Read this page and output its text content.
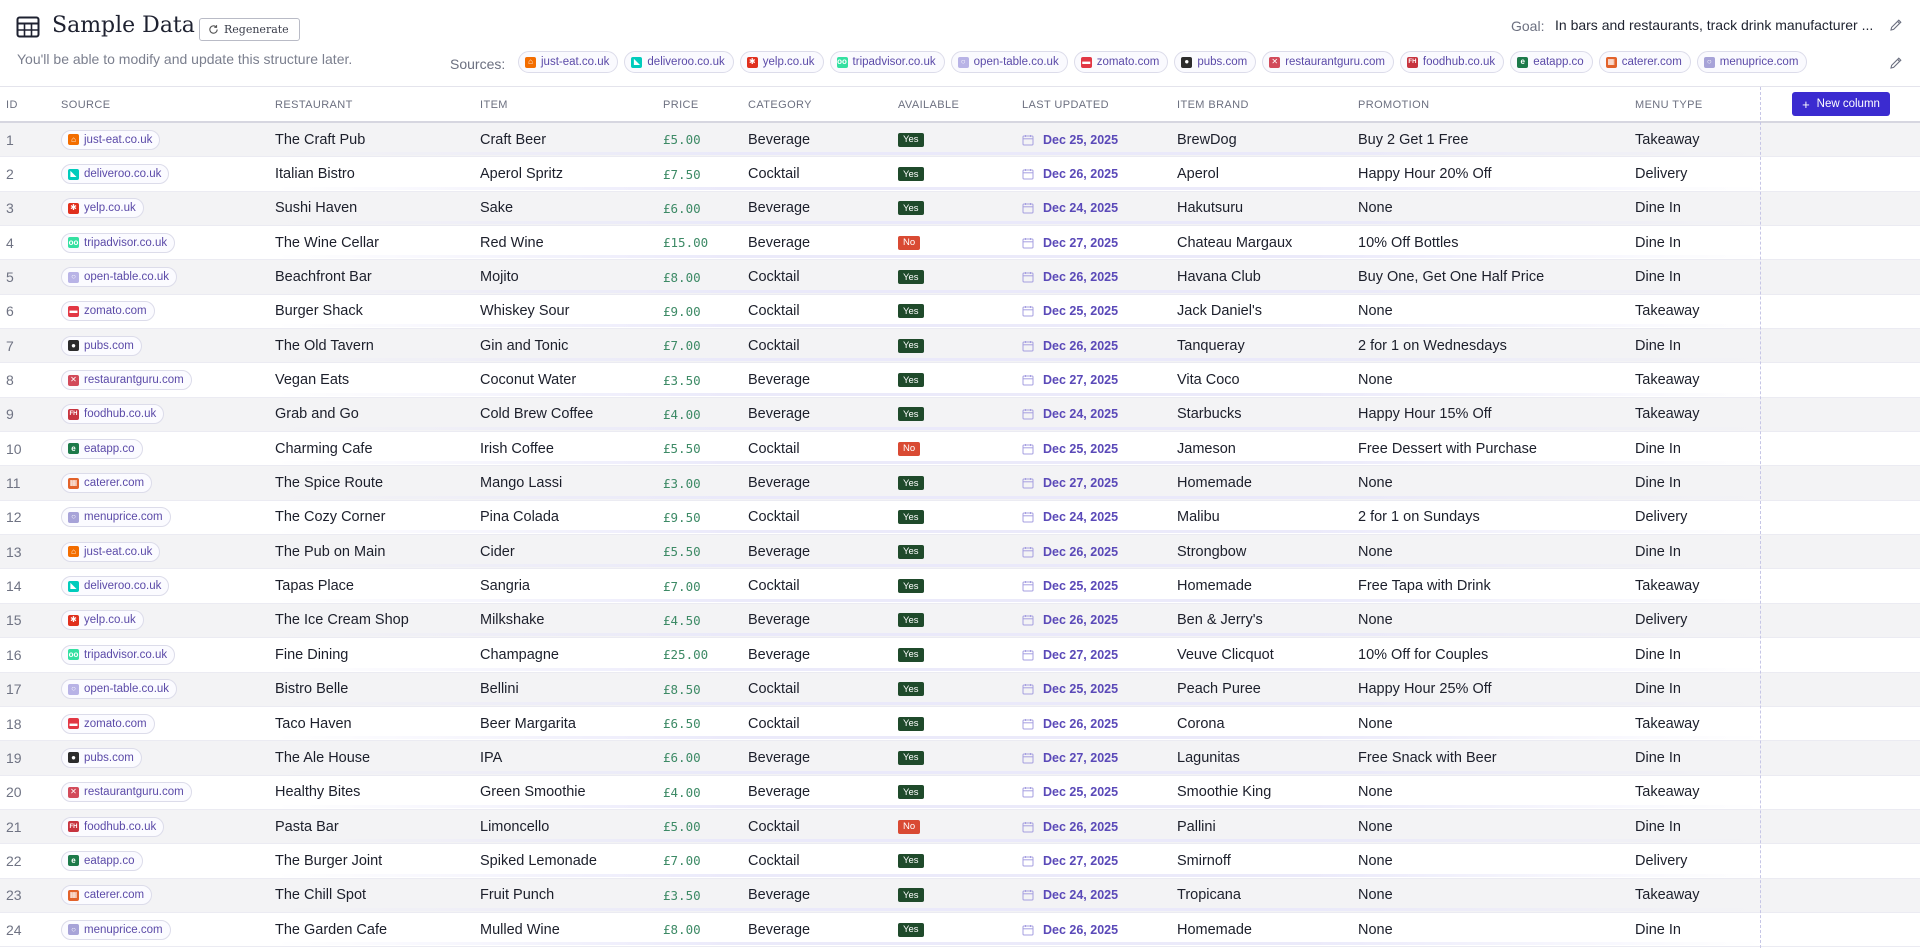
Sample Data	Regenerate
You'll be able to modify and update this structure later.
Goal: In bars and restaurants, track drink manufacturer ...
Sources:	⌂ just-eat.co.uk	◣ deliveroo.co.uk	✱ yelp.co.uk	oo tripadvisor.co.uk	○ open-table.co.uk	▬ zomato.com	● pubs.com	✕ restaurantguru.com	FH foodhub.co.uk	e eatapp.co	▦ caterer.com	○ menuprice.com
ID	SOURCE	RESTAURANT	ITEM	PRICE	CATEGORY	AVAILABLE	LAST UPDATED	ITEM BRAND	PROMOTION	MENU TYPE	+ New column
1	⌂ just-eat.co.uk	The Craft Pub	Craft Beer	£5.00	Beverage	Yes	Dec 25, 2025	BrewDog	Buy 2 Get 1 Free	Takeaway
2	◣ deliveroo.co.uk	Italian Bistro	Aperol Spritz	£7.50	Cocktail	Yes	Dec 26, 2025	Aperol	Happy Hour 20% Off	Delivery
3	✱ yelp.co.uk	Sushi Haven	Sake	£6.00	Beverage	Yes	Dec 24, 2025	Hakutsuru	None	Dine In
4	oo tripadvisor.co.uk	The Wine Cellar	Red Wine	£15.00	Beverage	No	Dec 27, 2025	Chateau Margaux	10% Off Bottles	Dine In
5	○ open-table.co.uk	Beachfront Bar	Mojito	£8.00	Cocktail	Yes	Dec 26, 2025	Havana Club	Buy One, Get One Half Price	Dine In
6	▬ zomato.com	Burger Shack	Whiskey Sour	£9.00	Cocktail	Yes	Dec 25, 2025	Jack Daniel's	None	Takeaway
7	● pubs.com	The Old Tavern	Gin and Tonic	£7.00	Cocktail	Yes	Dec 26, 2025	Tanqueray	2 for 1 on Wednesdays	Dine In
8	✕ restaurantguru.com	Vegan Eats	Coconut Water	£3.50	Beverage	Yes	Dec 27, 2025	Vita Coco	None	Takeaway
9	FH foodhub.co.uk	Grab and Go	Cold Brew Coffee	£4.00	Beverage	Yes	Dec 24, 2025	Starbucks	Happy Hour 15% Off	Takeaway
10	e eatapp.co	Charming Cafe	Irish Coffee	£5.50	Cocktail	No	Dec 25, 2025	Jameson	Free Dessert with Purchase	Dine In
11	▦ caterer.com	The Spice Route	Mango Lassi	£3.00	Beverage	Yes	Dec 27, 2025	Homemade	None	Dine In
12	○ menuprice.com	The Cozy Corner	Pina Colada	£9.50	Cocktail	Yes	Dec 24, 2025	Malibu	2 for 1 on Sundays	Delivery
13	⌂ just-eat.co.uk	The Pub on Main	Cider	£5.50	Beverage	Yes	Dec 26, 2025	Strongbow	None	Dine In
14	◣ deliveroo.co.uk	Tapas Place	Sangria	£7.00	Cocktail	Yes	Dec 25, 2025	Homemade	Free Tapa with Drink	Takeaway
15	✱ yelp.co.uk	The Ice Cream Shop	Milkshake	£4.50	Beverage	Yes	Dec 26, 2025	Ben & Jerry's	None	Delivery
16	oo tripadvisor.co.uk	Fine Dining	Champagne	£25.00	Beverage	Yes	Dec 27, 2025	Veuve Clicquot	10% Off for Couples	Dine In
17	○ open-table.co.uk	Bistro Belle	Bellini	£8.50	Cocktail	Yes	Dec 25, 2025	Peach Puree	Happy Hour 25% Off	Dine In
18	▬ zomato.com	Taco Haven	Beer Margarita	£6.50	Cocktail	Yes	Dec 26, 2025	Corona	None	Takeaway
19	● pubs.com	The Ale House	IPA	£6.00	Beverage	Yes	Dec 27, 2025	Lagunitas	Free Snack with Beer	Dine In
20	✕ restaurantguru.com	Healthy Bites	Green Smoothie	£4.00	Beverage	Yes	Dec 25, 2025	Smoothie King	None	Takeaway
21	FH foodhub.co.uk	Pasta Bar	Limoncello	£5.00	Cocktail	No	Dec 26, 2025	Pallini	None	Dine In
22	e eatapp.co	The Burger Joint	Spiked Lemonade	£7.00	Cocktail	Yes	Dec 27, 2025	Smirnoff	None	Delivery
23	▦ caterer.com	The Chill Spot	Fruit Punch	£3.50	Beverage	Yes	Dec 24, 2025	Tropicana	None	Takeaway
24	○ menuprice.com	The Garden Cafe	Mulled Wine	£8.00	Beverage	Yes	Dec 26, 2025	Homemade	None	Dine In
